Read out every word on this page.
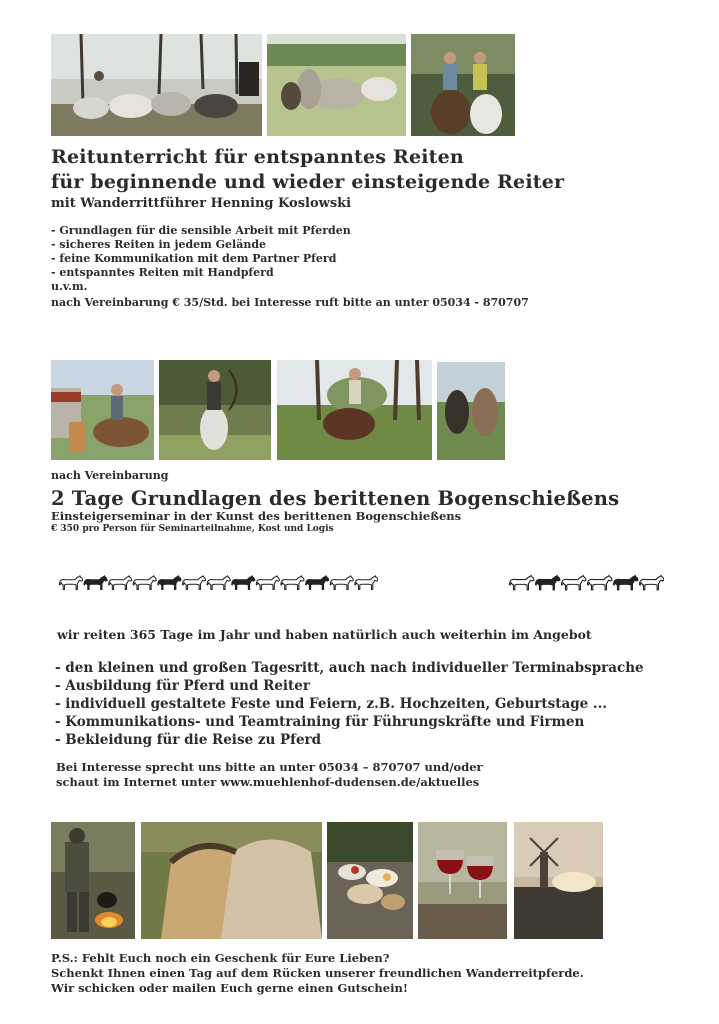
Reitunterricht für entspanntes Reiten
für beginnende und wieder einsteigende Reiter
mit Wanderrittführer Henning Koslowski
- Grundlagen für die sensible Arbeit mit Pferden
- sicheres Reiten in jedem Gelände
- feine Kommunikation mit dem Partner Pferd
- entspanntes Reiten mit Handpferd
u.v.m.
nach Vereinbarung € 35/Std. bei Interesse ruft bitte an unter 05034 - 870707
nach Vereinbarung
2 Tage Grundlagen des berittenen Bogenschießens
Einsteigerseminar in der Kunst des berittenen Bogenschießens
€ 350 pro Person für Seminarteilnahme, Kost und Logis
wir reiten 365 Tage im Jahr und haben natürlich auch weiterhin im Angebot
- den kleinen und großen Tagesritt, auch nach individueller Terminabsprache
- Ausbildung für Pferd und Reiter
- individuell gestaltete Feste und Feiern, z.B. Hochzeiten, Geburtstage ...
- Kommunikations- und Teamtraining für Führungskräfte und Firmen
- Bekleidung für die Reise zu Pferd
Bei Interesse sprecht uns bitte an unter 05034 – 870707 und/oder
schaut im Internet unter www.muehlenhof-dudensen.de/aktuelles
P.S.: Fehlt Euch noch ein Geschenk für Eure Lieben?
Schenkt Ihnen einen Tag auf dem Rücken unserer freundlichen Wanderreitpferde.
Wir schicken oder mailen Euch gerne einen Gutschein!
